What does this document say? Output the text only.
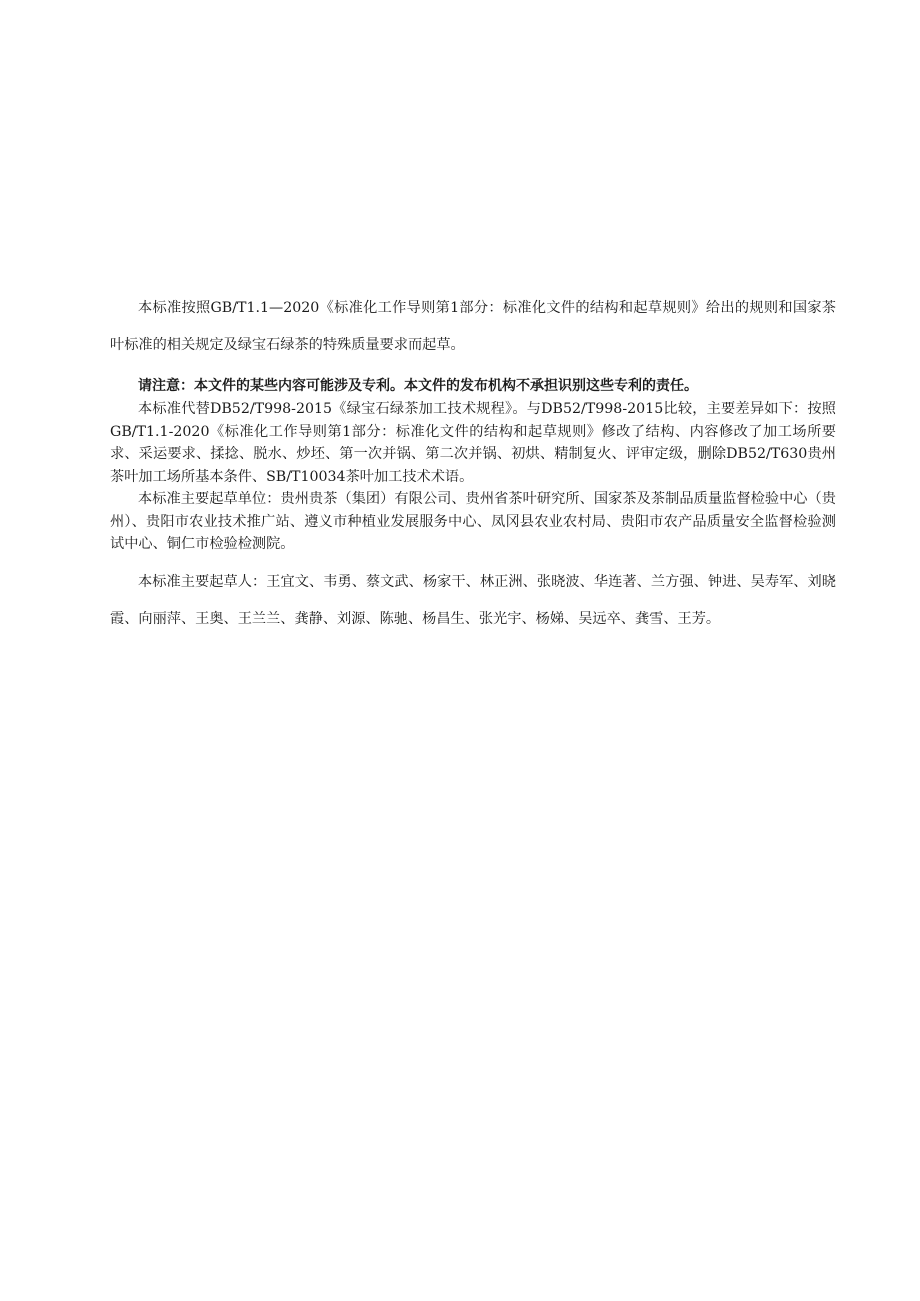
本标准按照GB/T1.1—2020《标准化工作导则第1部分：标准化文件的结构和起草规则》给出的规则和国家茶叶标准的相关规定及绿宝石绿茶的特殊质量要求而起草。

请注意：本文件的某些内容可能涉及专利。本文件的发布机构不承担识别这些专利的责任。

本标准代替DB52/T998-2015《绿宝石绿茶加工技术规程》。与DB52/T998-2015比较，主要差异如下：按照GB/T1.1-2020《标准化工作导则第1部分：标准化文件的结构和起草规则》修改了结构、内容修改了加工场所要求、采运要求、揉捻、脱水、炒坯、第一次并锅、第二次并锅、初烘、精制复火、评审定级，删除DB52/T630贵州茶叶加工场所基本条件、SB/T10034茶叶加工技术术语。

本标准主要起草单位：贵州贵茶（集团）有限公司、贵州省茶叶研究所、国家茶及茶制品质量监督检验中心（贵州）、贵阳市农业技术推广站、遵义市种植业发展服务中心、凤冈县农业农村局、贵阳市农产品质量安全监督检验测试中心、铜仁市检验检测院。

本标准主要起草人：王宜文、韦勇、蔡文武、杨家干、林正洲、张晓波、华连著、兰方强、钟进、吴寿军、刘晓霞、向丽萍、王奥、王兰兰、龚静、刘源、陈驰、杨昌生、张光宇、杨娣、吴远卒、龚雪、王芳。
